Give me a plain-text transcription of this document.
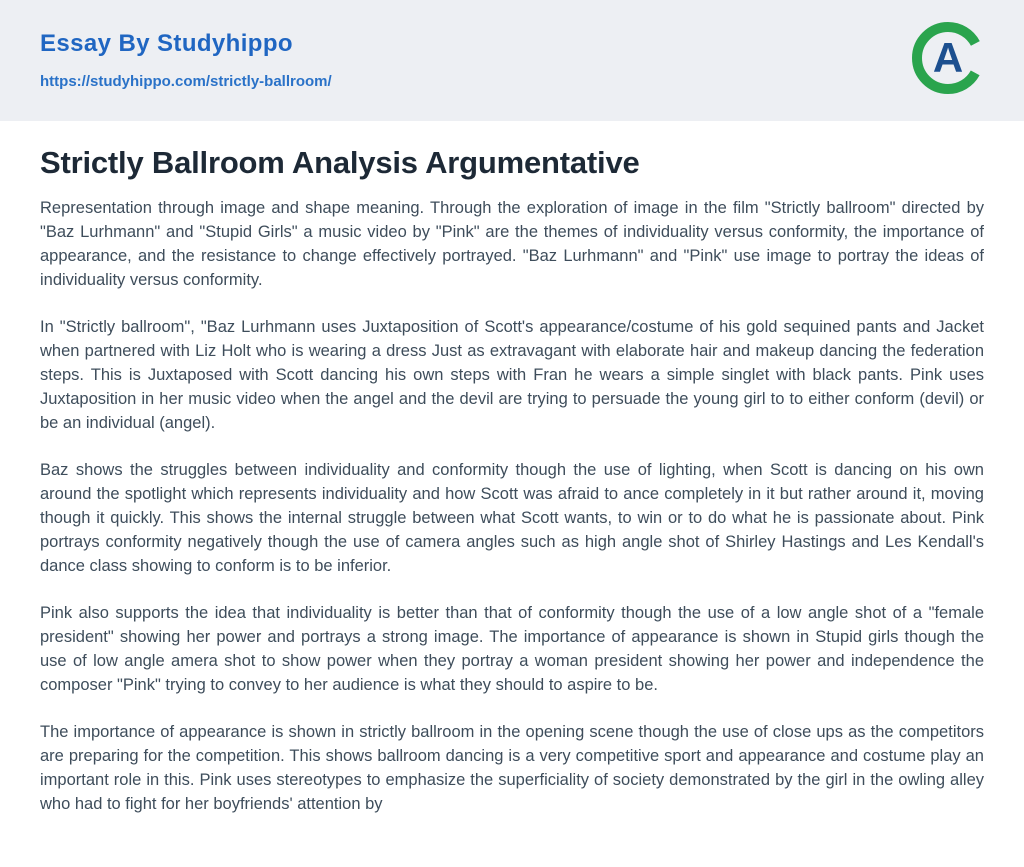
Essay By Studyhippo
https://studyhippo.com/strictly-ballroom/
A
Strictly Ballroom Analysis Argumentative

Representation through image and shape meaning. Through the exploration of image in the film "Strictly ballroom" directed by "Baz Lurhmann" and "Stupid Girls" a music video by "Pink" are the themes of individuality versus conformity, the importance of appearance, and the resistance to change effectively portrayed. "Baz Lurhmann" and "Pink" use image to portray the ideas of individuality versus conformity.

In "Strictly ballroom", "Baz Lurhmann uses Juxtaposition of Scott's appearance/costume of his gold sequined pants and Jacket when partnered with Liz Holt who is wearing a dress Just as extravagant with elaborate hair and makeup dancing the federation steps. This is Juxtaposed with Scott dancing his own steps with Fran he wears a simple singlet with black pants. Pink uses Juxtaposition in her music video when the angel and the devil are trying to persuade the young girl to to either conform (devil) or be an individual (angel).

Baz shows the struggles between individuality and conformity though the use of lighting, when Scott is dancing on his own around the spotlight which represents individuality and how Scott was afraid to ance completely in it but rather around it, moving though it quickly. This shows the internal struggle between what Scott wants, to win or to do what he is passionate about. Pink portrays conformity negatively though the use of camera angles such as high angle shot of Shirley Hastings and Les Kendall's dance class showing to conform is to be inferior.

Pink also supports the idea that individuality is better than that of conformity though the use of a low angle shot of a "female president" showing her power and portrays a strong image. The importance of appearance is shown in Stupid girls though the use of low angle amera shot to show power when they portray a woman president showing her power and independence the composer "Pink" trying to convey to her audience is what they should to aspire to be.

The importance of appearance is shown in strictly ballroom in the opening scene though the use of close ups as the competitors are preparing for the competition. This shows ballroom dancing is a very competitive sport and appearance and costume play an important role in this. Pink uses stereotypes to emphasize the superficiality of society demonstrated by the girl in the owling alley who had to fight for her boyfriends' attention by
